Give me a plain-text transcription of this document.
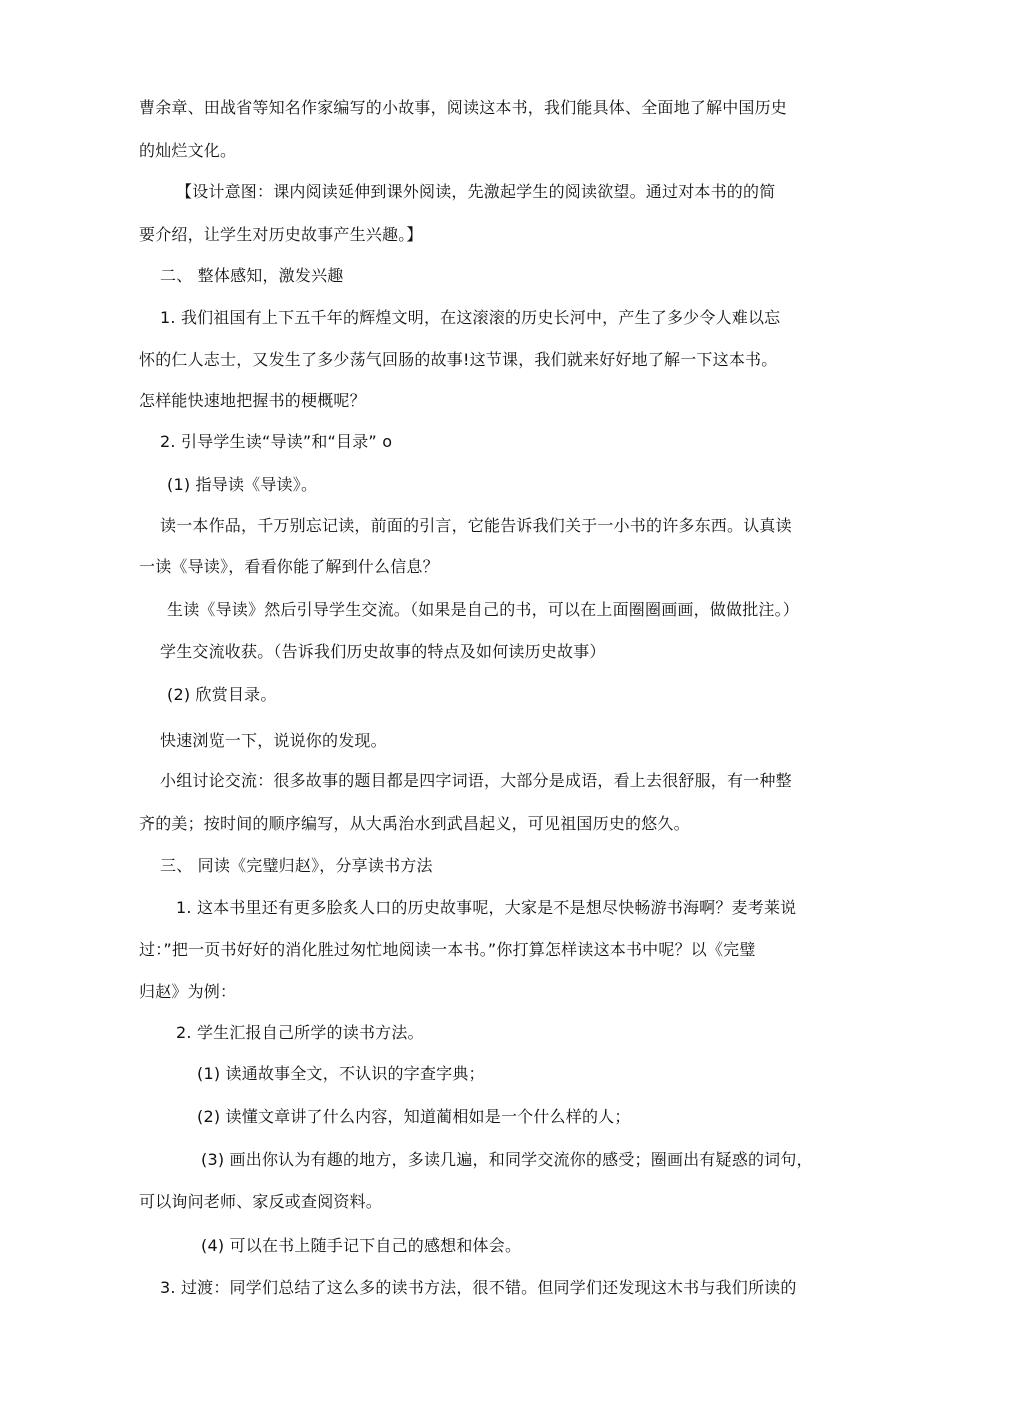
曹余章、田战省等知名作家编写的小故事，阅读这本书，我们能具体、全面地了解中国历史
的灿烂文化。
【设计意图：课内阅读延伸到课外阅读，先激起学生的阅读欲望。通过对本书的的简
要介绍，让学生对历史故事产生兴趣。】
二、 整体感知，激发兴趣
1. 我们祖国有上下五千年的辉煌文明，在这滚滚的历史长河中，产生了多少令人难以忘
怀的仁人志士，又发生了多少荡气回肠的故事!这节课，我们就来好好地了解一下这本书。
怎样能快速地把握书的梗概呢？
2. 引导学生读“导读”和“目录” o
(1) 指导读《导读》。
读一本作品，千万别忘记读，前面的引言，它能告诉我们关于一小书的许多东西。认真读
一读《导读》，看看你能了解到什么信息？
生读《导读》然后引导学生交流。（如果是自己的书，可以在上面圈圈画画，做做批注。）
学生交流收获。（告诉我们历史故事的特点及如何读历史故事）
(2) 欣赏目录。
快速浏览一下，说说你的发现。
小组讨论交流：很多故事的题目都是四字词语，大部分是成语，看上去很舒服，有一种整
齐的美；按时间的顺序编写，从大禹治水到武昌起义，可见祖国历史的悠久。
三、 同读《完璧归赵》，分享读书方法
1. 这本书里还有更多脍炙人口的历史故事呢，大家是不是想尽快畅游书海啊？麦考莱说
过：”把一页书好好的消化胜过匆忙地阅读一本书。”你打算怎样读这本书中呢？以《完璧
归赵》为例：
2. 学生汇报自己所学的读书方法。
(1) 读通故事全文，不认识的字查字典；
(2) 读懂文章讲了什么内容，知道蔺相如是一个什么样的人；
(3) 画出你认为有趣的地方，多读几遍，和同学交流你的感受；圈画出有疑惑的词句，
可以询问老师、家反或查阅资料。
(4) 可以在书上随手记下自己的感想和体会。
3. 过渡：同学们总结了这么多的读书方法，很不错。但同学们还发现这木书与我们所读的
